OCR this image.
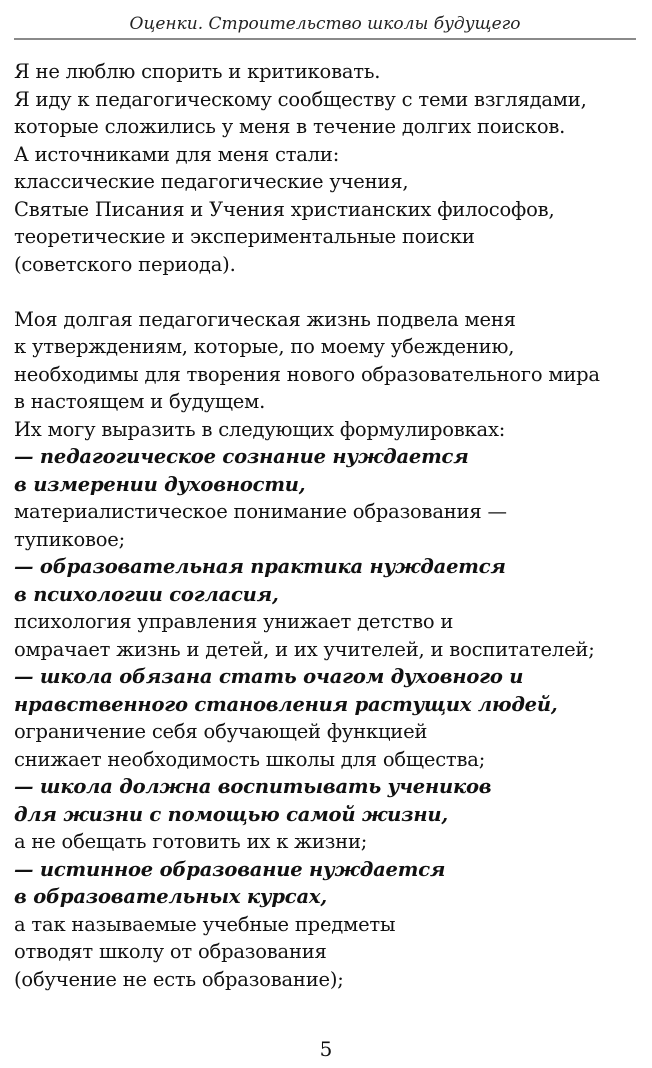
Оценки. Строительство школы будущего
Я не люблю спорить и критиковать.
Я иду к педагогическому сообществу с теми взглядами,
которые сложились у меня в течение долгих поисков.
А источниками для меня стали:
классические педагогические учения,
Святые Писания и Учения христианских философов,
теоретические и экспериментальные поиски
(советского периода).
Моя долгая педагогическая жизнь подвела меня
к утверждениям, которые, по моему убеждению,
необходимы для творения нового образовательного мира
в настоящем и будущем.
Их могу выразить в следующих формулировках:
— педагогическое сознание нуждается
в измерении духовности,
материалистическое понимание образования —
тупиковое;
— образовательная практика нуждается
в психологии согласия,
психология управления унижает детство и
омрачает жизнь и детей, и их учителей, и воспитателей;
— школа обязана стать очагом духовного и
нравственного становления растущих людей,
ограничение себя обучающей функцией
снижает необходимость школы для общества;
— школа должна воспитывать учеников
для жизни с помощью самой жизни,
а не обещать готовить их к жизни;
— истинное образование нуждается
в образовательных курсах,
а так называемые учебные предметы
отводят школу от образования
(обучение не есть образование);
5
